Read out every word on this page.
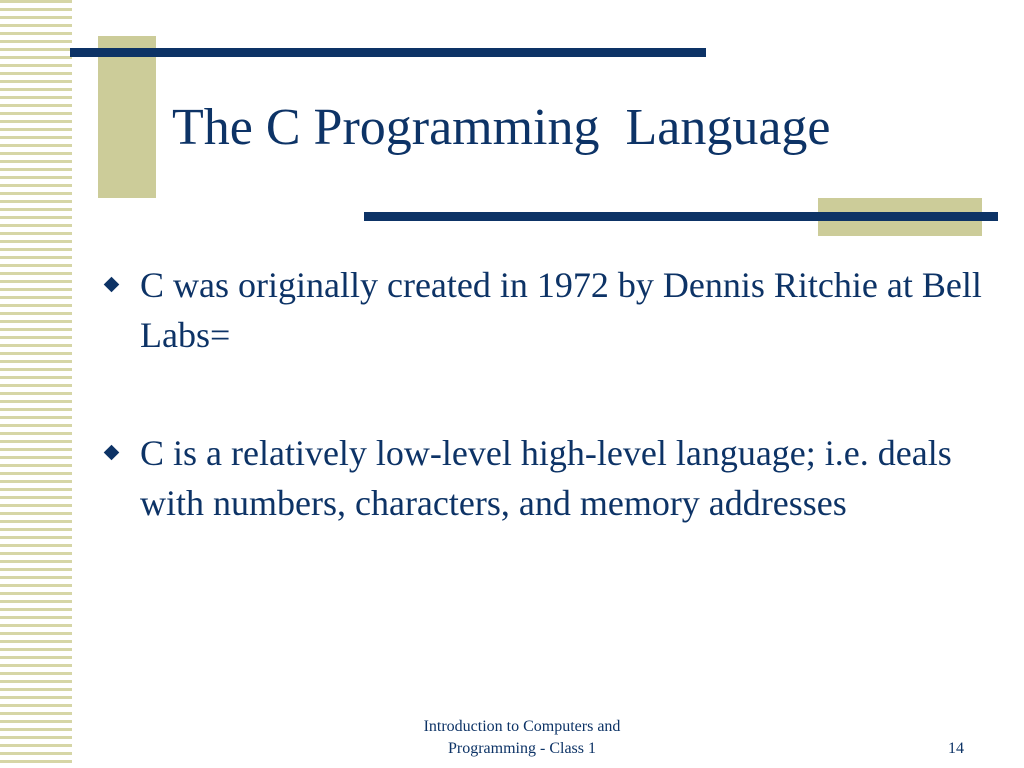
The C Programming  Language
C was originally created in 1972 by Dennis Ritchie at Bell Labs=
C is a relatively low-level high-level language; i.e. deals with numbers, characters, and memory addresses
Introduction to Computers and
Programming - Class 1	14
